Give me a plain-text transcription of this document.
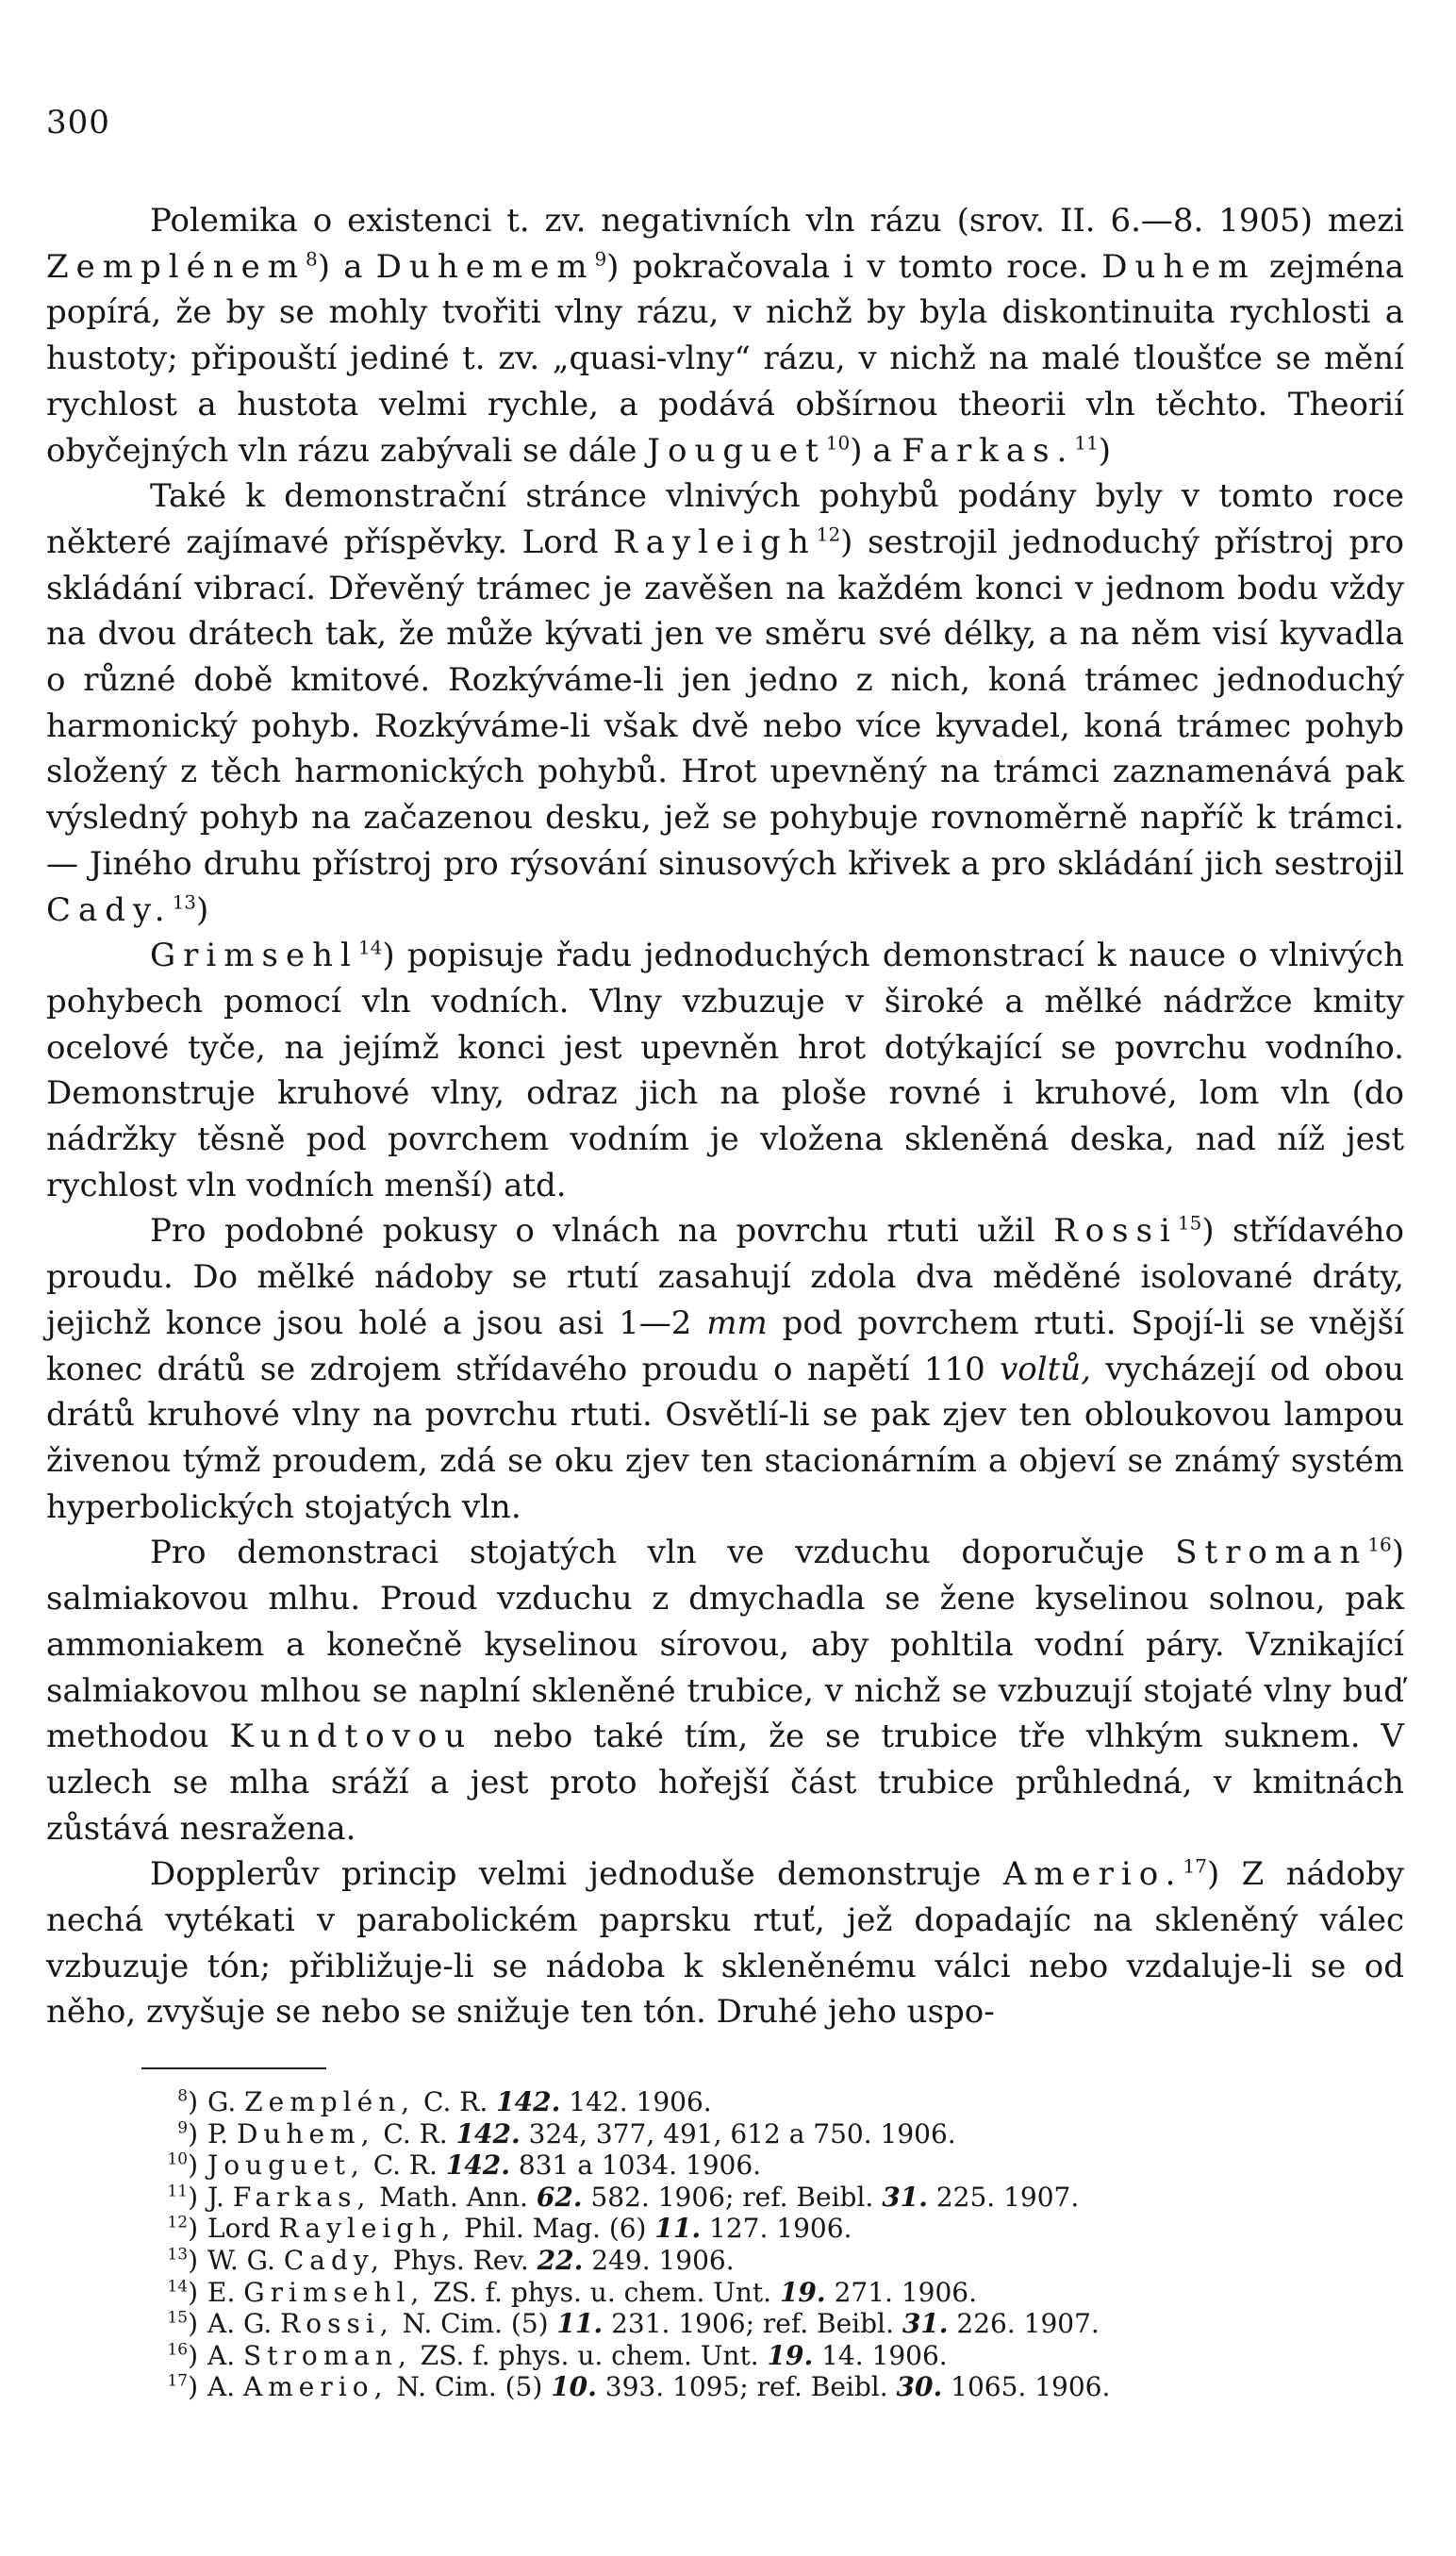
300

Polemika o existenci t. zv. negativních vln rázu (srov. II. 6.—8. 1905) mezi Zemplénem$^8$) a Duhemem$^9$) pokračovala i v tomto roce. Duhem zejména popírá, že by se mohly tvořiti vlny rázu, v nichž by byla diskontinuita rychlosti a hustoty; připouští jediné t. zv. „quasi-vlny“ rázu, v nichž na malé tloušťce se mění rychlost a hustota velmi rychle, a podává obšírnou theorii vln těchto. Theorií obyčejných vln rázu zabývali se dále Jouguet$^{10}$) a Farkas.$^{11}$)

Také k demonstrační stránce vlnivých pohybů podány byly v tomto roce některé zajímavé příspěvky. Lord Rayleigh$^{12}$) sestrojil jednoduchý přístroj pro skládání vibrací. Dřevěný trámec je zavěšen na každém konci v jednom bodu vždy na dvou drátech tak, že může kývati jen ve směru své délky, a na něm visí kyvadla o různé době kmitové. Rozkýváme-li jen jedno z nich, koná trámec jednoduchý harmonický pohyb. Rozkýváme-li však dvě nebo více kyvadel, koná trámec pohyb složený z těch harmonických pohybů. Hrot upevněný na trámci zaznamenává pak výsledný pohyb na začazenou desku, jež se pohybuje rovnoměrně napříč k trámci. — Jiného druhu přístroj pro rýsování sinusových křivek a pro skládání jich sestrojil Cady.$^{13}$)

Grimsehl$^{14}$) popisuje řadu jednoduchých demonstrací k nauce o vlnivých pohybech pomocí vln vodních. Vlny vzbuzuje v široké a mělké nádržce kmity ocelové tyče, na jejímž konci jest upevněn hrot dotýkající se povrchu vodního. Demonstruje kruhové vlny, odraz jich na ploše rovné i kruhové, lom vln (do nádržky těsně pod povrchem vodním je vložena skleněná deska, nad níž jest rychlost vln vodních menší) atd.

Pro podobné pokusy o vlnách na povrchu rtuti užil Rossi$^{15}$) střídavého proudu. Do mělké nádoby se rtutí zasahují zdola dva měděné isolované dráty, jejichž konce jsou holé a jsou asi 1—2 mm pod povrchem rtuti. Spojí-li se vnější konec drátů se zdrojem střídavého proudu o napětí 110 voltů, vycházejí od obou drátů kruhové vlny na povrchu rtuti. Osvětlí-li se pak zjev ten obloukovou lampou živenou týmž proudem, zdá se oku zjev ten stacionárním a objeví se známý systém hyperbolických stojatých vln.

Pro demonstraci stojatých vln ve vzduchu doporučuje Stroman$^{16}$) salmiakovou mlhu. Proud vzduchu z dmychadla se žene kyselinou solnou, pak ammoniakem a konečně kyselinou sírovou, aby pohltila vodní páry. Vznikající salmiakovou mlhou se naplní skleněné trubice, v nichž se vzbuzují stojaté vlny buď methodou Kundtovou nebo také tím, že se trubice tře vlhkým suknem. V uzlech se mlha sráží a jest proto hořejší část trubice průhledná, v kmitnách zůstává nesražena.

Dopplerův princip velmi jednoduše demonstruje Amerio.$^{17}$) Z nádoby nechá vytékati v parabolickém paprsku rtuť, jež dopadajíc na skleněný válec vzbuzuje tón; přibližuje-li se nádoba k skleněnému válci nebo vzdaluje-li se od něho, zvyšuje se nebo se snižuje ten tón. Druhé jeho uspo-

$^8$) G. Zemplén, C. R. 142. 142. 1906.
$^9$) P. Duhem, C. R. 142. 324, 377, 491, 612 a 750. 1906.
$^{10}$) Jouguet, C. R. 142. 831 a 1034. 1906.
$^{11}$) J. Farkas, Math. Ann. 62. 582. 1906; ref. Beibl. 31. 225. 1907.
$^{12}$) Lord Rayleigh, Phil. Mag. (6) 11. 127. 1906.
$^{13}$) W. G. Cady, Phys. Rev. 22. 249. 1906.
$^{14}$) E. Grimsehl, ZS. f. phys. u. chem. Unt. 19. 271. 1906.
$^{15}$) A. G. Rossi, N. Cim. (5) 11. 231. 1906; ref. Beibl. 31. 226. 1907.
$^{16}$) A. Stroman, ZS. f. phys. u. chem. Unt. 19. 14. 1906.
$^{17}$) A. Amerio, N. Cim. (5) 10. 393. 1095; ref. Beibl. 30. 1065. 1906.
